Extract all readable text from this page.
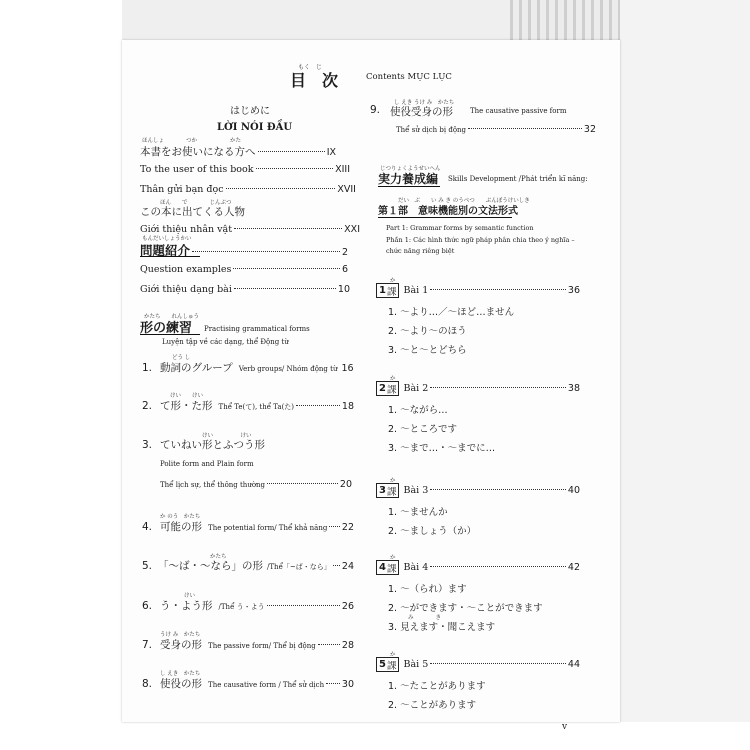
もく　じ
目　次	Contents MỤC LỤC
はじめに
LỜI NÓI ĐẦU
ほんしょ　　　　つか　　　　　　かた
本書をお使いになる方へ	IX
To the user of this book	XIII
Thân gửi bạn đọc	XVII
ほん　　で　　　　じんぶつ
この本に出てくる人物
Giới thiệu nhân vật	XXI
もんだいしょうかい
問題紹介	2
Question examples	6
Giới thiệu dạng bài	10
かたち　　れんしゅう
形の練習 Practising grammatical forms
Luyện tập về các dạng, thể Động từ
どう し
1. 動詞のグループ Verb groups/ Nhóm động từ 16
けい　　けい
2. て形・た形 Thể Te(て), thể Ta(た)	18
けい　　　　　けい
3. ていねい形とふつう形
Polite form and Plain form
Thể lịch sự, thể thông thường	20
か のう　かたち
4. 可能の形 The potential form/ Thể khả năng 22
かたち
5. 「〜ば・〜なら」の形 /Thể「~ば・なら」 24
けい
6. う・よう形 /Thể う・よう	26
うけ み　かたち
7. 受身の形 The passive form/ Thể bị động	28
し えき　かたち
8. 使役の形 The causative form / Thể sử dịch 30
し えき うけ み　かたち
9. 使役受身の形 The causative passive form
Thể sử dịch bị động	32
じつりょくようせいへん
実力養成編 Skills Development /Phát triển kĩ năng:
だい　ぶ　　い み き のうべつ　　ぶんぽうけいしき
第１部　意味機能別の文法形式
Part 1: Grammar forms by semantic function
Phần 1: Các hình thức ngữ pháp phân chia theo ý nghĩa –
chức năng riêng biệt
か
1 課 Bài 1	36
1. 〜より…／〜ほど…ません
2. 〜より〜のほう
3. 〜と〜とどちら
か
2 課 Bài 2	38
1. 〜ながら…
2. 〜ところです
3. 〜まで…・〜までに…
か
3 課 Bài 3	40
1. 〜ませんか
2. 〜ましょう（か）
か
4 課 Bài 4	42
1. 〜（られ）ます
2. 〜ができます・〜ことができます
み　　　　き
3. 見えます・聞こえます
か
5 課 Bài 5	44
1. 〜たことがあります
2. 〜ことがあります
v
